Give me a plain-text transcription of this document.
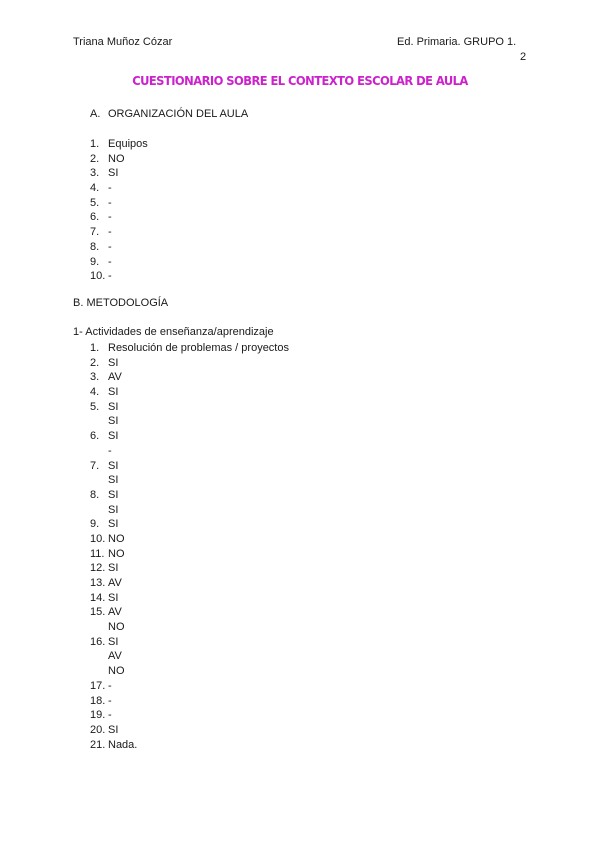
Triana Muñoz Cózar	Ed. Primaria. GRUPO 1.
2
CUESTIONARIO SOBRE EL CONTEXTO ESCOLAR DE AULA
A. ORGANIZACIÓN DEL AULA
1. Equipos
2. NO
3. SI
4. -
5. -
6. -
7. -
8. -
9. -
10. -
B. METODOLOGÍA
1- Actividades de enseñanza/aprendizaje
1. Resolución de problemas / proyectos
2. SI
3. AV
4. SI
5. SI
SI
6. SI
-
7. SI
SI
8. SI
SI
9. SI
10. NO
11. NO
12. SI
13. AV
14. SI
15. AV
NO
16. SI
AV
NO
17. -
18. -
19. -
20. SI
21. Nada.
